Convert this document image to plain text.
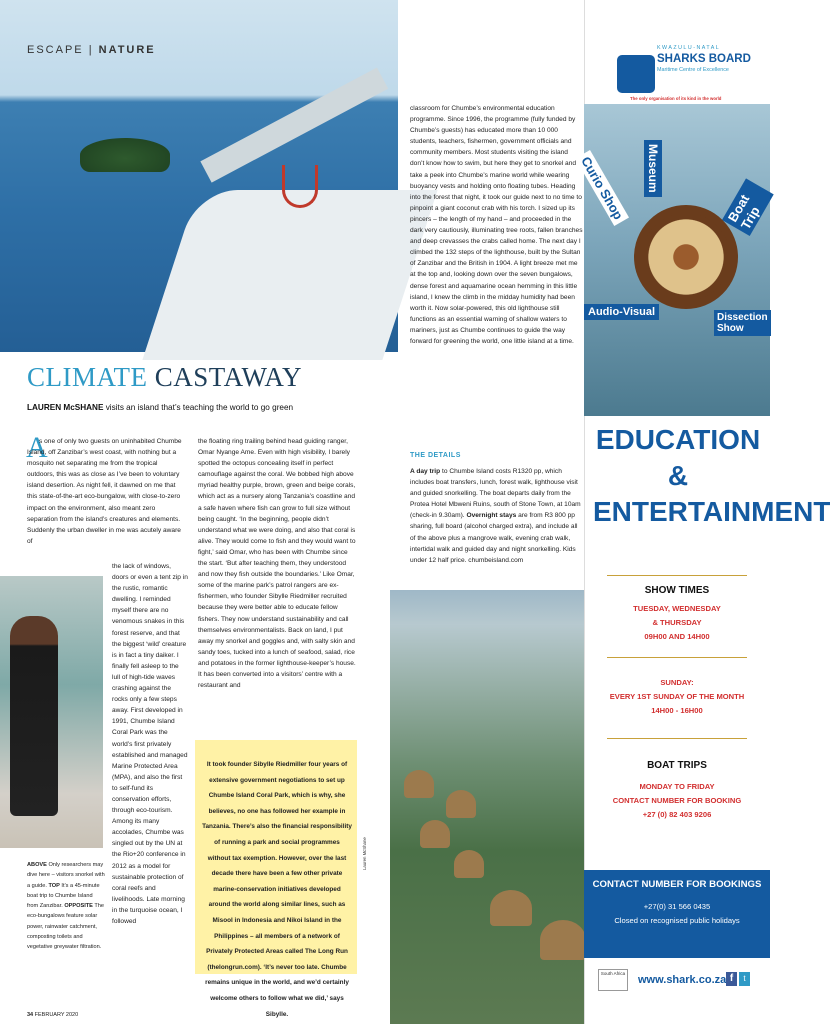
ESCAPE | NATURE
CLIMATE CASTAWAY
LAUREN McSHANE visits an island that’s teaching the world to go green
A
s one of only two guests on uninhabited Chumbe Island, off Zanzibar’s west coast, with nothing but a mosquito net separating me from the tropical outdoors, this was as close as I’ve been to voluntary island desertion. As night fell, it dawned on me that this state-of-the-art eco-bungalow, with close-to-zero impact on the environment, also meant zero separation from the island’s creatures and elements. Suddenly the urban dweller in me was acutely aware of
the lack of windows, doors or even a tent zip in the rustic, romantic dwelling. I reminded myself there are no venomous snakes in this forest reserve, and that the biggest ‘wild’ creature is in fact a tiny daiker. I finally fell asleep to the lull of high-tide waves crashing against the rocks only a few steps away. First developed in 1991, Chumbe Island Coral Park was the world’s first privately established and managed Marine Protected Area (MPA), and also the first to self-fund its conservation efforts, through eco-tourism. Among its many accolades, Chumbe was singled out by the UN at the Rio+20 conference in 2012 as a model for sustainable protection of coral reefs and livelihoods. Late morning in the turquoise ocean, I followed
ABOVE Only researchers may dive here – visitors snorkel with a guide. TOP It’s a 45-minute boat trip to Chumbe Island from Zanzibar. OPPOSITE The eco-bungalows feature solar power, rainwater catchment, composting toilets and vegetative greywater filtration.
34 FEBRUARY 2020
the floating ring trailing behind head guiding ranger, Omar Nyange Ame. Even with high visibility, I barely spotted the octopus concealing itself in perfect camouflage against the coral. We bobbed high above myriad healthy purple, brown, green and beige corals, which act as a nursery along Tanzania’s coastline and a safe haven where fish can grow to full size without being caught. ‘In the beginning, people didn’t understand what we were doing, and also that coral is alive. They would come to fish and they would want to fight,’ said Omar, who has been with Chumbe since the start. ‘But after teaching them, they understood and now they fish outside the boundaries.’ Like Omar, some of the marine park’s patrol rangers are ex-fishermen, who founder Sibylle Riedmiller recruited because they were better able to educate fellow fishers. They now understand sustainability and call themselves environmentalists. Back on land, I put away my snorkel and goggles and, with salty skin and sandy toes, tucked into a lunch of seafood, salad, rice and potatoes in the former lighthouse-keeper’s house. It has been converted into a visitors’ centre with a restaurant and
It took founder Sibylle Riedmiller four years of extensive government negotiations to set up Chumbe Island Coral Park, which is why, she believes, no one has followed her example in Tanzania. There’s also the financial responsibility of running a park and social programmes without tax exemption. However, over the last decade there have been a few other private marine-conservation initiatives developed around the world along similar lines, such as Misool in Indonesia and Nikoi Island in the Philippines – all members of a network of Privately Protected Areas called The Long Run (thelongrun.com). ‘It’s never too late. Chumbe remains unique in the world, and we’d certainly welcome others to follow what we did,’ says Sibylle.
Lauren McShane
classroom for Chumbe’s environmental education programme. Since 1996, the programme (fully funded by Chumbe’s guests) has educated more than 10 000 students, teachers, fishermen, government officials and community members. Most students visiting the island don’t know how to swim, but here they get to snorkel and take a peek into Chumbe’s marine world while wearing buoyancy vests and holding onto floating tubes. Heading into the forest that night, it took our guide next to no time to pinpoint a giant coconut crab with his torch. I sized up its pincers – the length of my hand – and proceeded in the dark very cautiously, illuminating tree roots, fallen branches and deep crevasses the crabs called home. The next day I climbed the 132 steps of the lighthouse, built by the Sultan of Zanzibar and the British in 1904. A light breeze met me at the top and, looking down over the seven bungalows, dense forest and aquamarine ocean hemming in this little island, I knew the climb in the midday humidity had been worth it. Now solar-powered, this old lighthouse still functions as an essential warning of shallow waters to mariners, just as Chumbe continues to guide the way forward for greening the world, one little island at a time.
THE DETAILS
A day trip to Chumbe Island costs R1320 pp, which includes boat transfers, lunch, forest walk, lighthouse visit and guided snorkelling. The boat departs daily from the Protea Hotel Mbweni Ruins, south of Stone Town, at 10am (check-in 9.30am). Overnight stays are from R3 800 pp sharing, full board (alcohol charged extra), and include all of the above plus a mangrove walk, evening crab walk, intertidal walk and guided day and night snorkelling. Kids under 12 half price. chumbeisland.com
KWAZULU-NATAL
SHARKS BOARD
Maritime Centre of Excellence
The only organisation of its kind in the world
Curio Shop Museum
Boat Trip
Audio-Visual	Dissection Show
EDUCATION
&
ENTERTAINMENT
SHOW TIMES
TUESDAY, WEDNESDAY
& THURSDAY
09H00 AND 14H00
SUNDAY:
EVERY 1ST SUNDAY OF THE MONTH
14H00 - 16H00
BOAT TRIPS
MONDAY TO FRIDAY
CONTACT NUMBER FOR BOOKING
+27 (0) 82 403 9206
CONTACT NUMBER FOR BOOKINGS
+27(0) 31 566 0435
Closed on recognised public holidays
South Africa
www.shark.co.za f	t
